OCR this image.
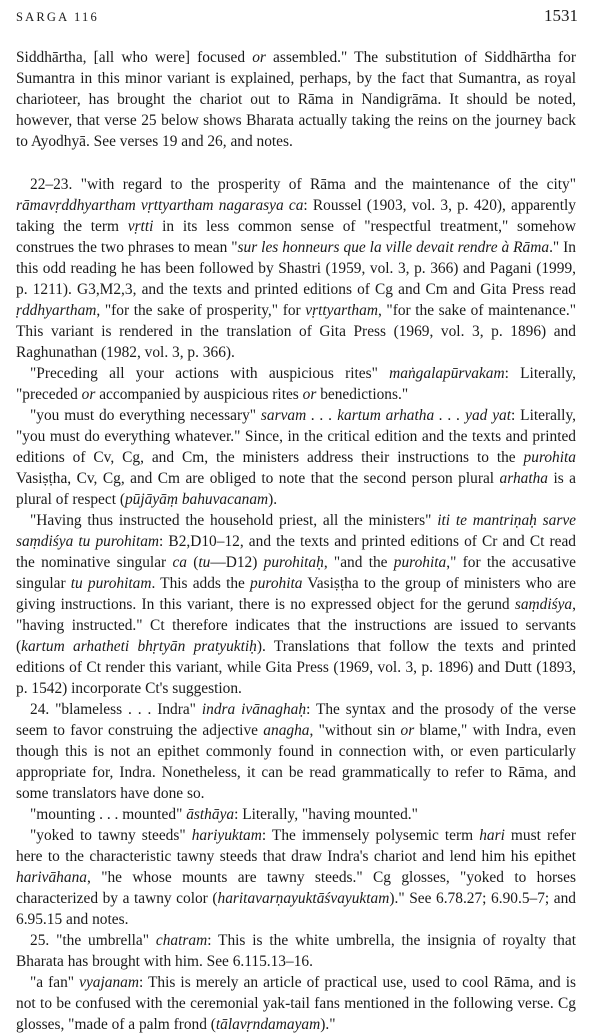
SARGA 116	1531

Siddhārtha, [all who were] focused or assembled." The substitution of Siddhārtha for Sumantra in this minor variant is explained, perhaps, by the fact that Sumantra, as royal charioteer, has brought the chariot out to Rāma in Nandigrāma. It should be noted, however, that verse 25 below shows Bharata actually taking the reins on the journey back to Ayodhyā. See verses 19 and 26, and notes.

22–23. "with regard to the prosperity of Rāma and the maintenance of the city" rāmavṛddhyartham vṛttyartham nagarasya ca: Roussel (1903, vol. 3, p. 420), apparently taking the term vṛtti in its less common sense of "respectful treatment," somehow construes the two phrases to mean "sur les honneurs que la ville devait rendre à Rāma." In this odd reading he has been followed by Shastri (1959, vol. 3, p. 366) and Pagani (1999, p. 1211). G3,M2,3, and the texts and printed editions of Cg and Cm and Gita Press read ṛddhyartham, "for the sake of prosperity," for vṛttyartham, "for the sake of maintenance." This variant is rendered in the translation of Gita Press (1969, vol. 3, p. 1896) and Raghunathan (1982, vol. 3, p. 366).

"Preceding all your actions with auspicious rites" maṅgalapūrvakam: Literally, "preceded or accompanied by auspicious rites or benedictions."

"you must do everything necessary" sarvam . . . kartum arhatha . . . yad yat: Literally, "you must do everything whatever." Since, in the critical edition and the texts and printed editions of Cv, Cg, and Cm, the ministers address their instructions to the purohita Vasiṣṭha, Cv, Cg, and Cm are obliged to note that the second person plural arhatha is a plural of respect (pūjāyāṃ bahuvacanam).

"Having thus instructed the household priest, all the ministers" iti te mantriṇaḥ sarve saṃdiśya tu purohitam: B2,D10–12, and the texts and printed editions of Cr and Ct read the nominative singular ca (tu—D12) purohitaḥ, "and the purohita," for the accusative singular tu purohitam. This adds the purohita Vasiṣṭha to the group of ministers who are giving instructions. In this variant, there is no expressed object for the gerund saṃdiśya, "having instructed." Ct therefore indicates that the instructions are issued to servants (kartum arhatheti bhṛtyān pratyuktiḥ). Translations that follow the texts and printed editions of Ct render this variant, while Gita Press (1969, vol. 3, p. 1896) and Dutt (1893, p. 1542) incorporate Ct's suggestion.

24. "blameless . . . Indra" indra ivānaghaḥ: The syntax and the prosody of the verse seem to favor construing the adjective anagha, "without sin or blame," with Indra, even though this is not an epithet commonly found in connection with, or even particularly appropriate for, Indra. Nonetheless, it can be read grammatically to refer to Rāma, and some translators have done so.

"mounting . . . mounted" āsthāya: Literally, "having mounted."

"yoked to tawny steeds" hariyuktam: The immensely polysemic term hari must refer here to the characteristic tawny steeds that draw Indra's chariot and lend him his epithet harivāhana, "he whose mounts are tawny steeds." Cg glosses, "yoked to horses characterized by a tawny color (haritavarṇayuktāśvayuktam)." See 6.78.27; 6.90.5–7; and 6.95.15 and notes.

25. "the umbrella" chatram: This is the white umbrella, the insignia of royalty that Bharata has brought with him. See 6.115.13–16.

"a fan" vyajanam: This is merely an article of practical use, used to cool Rāma, and is not to be confused with the ceremonial yak-tail fans mentioned in the following verse. Cg glosses, "made of a palm frond (tālavṛndamayam)."
